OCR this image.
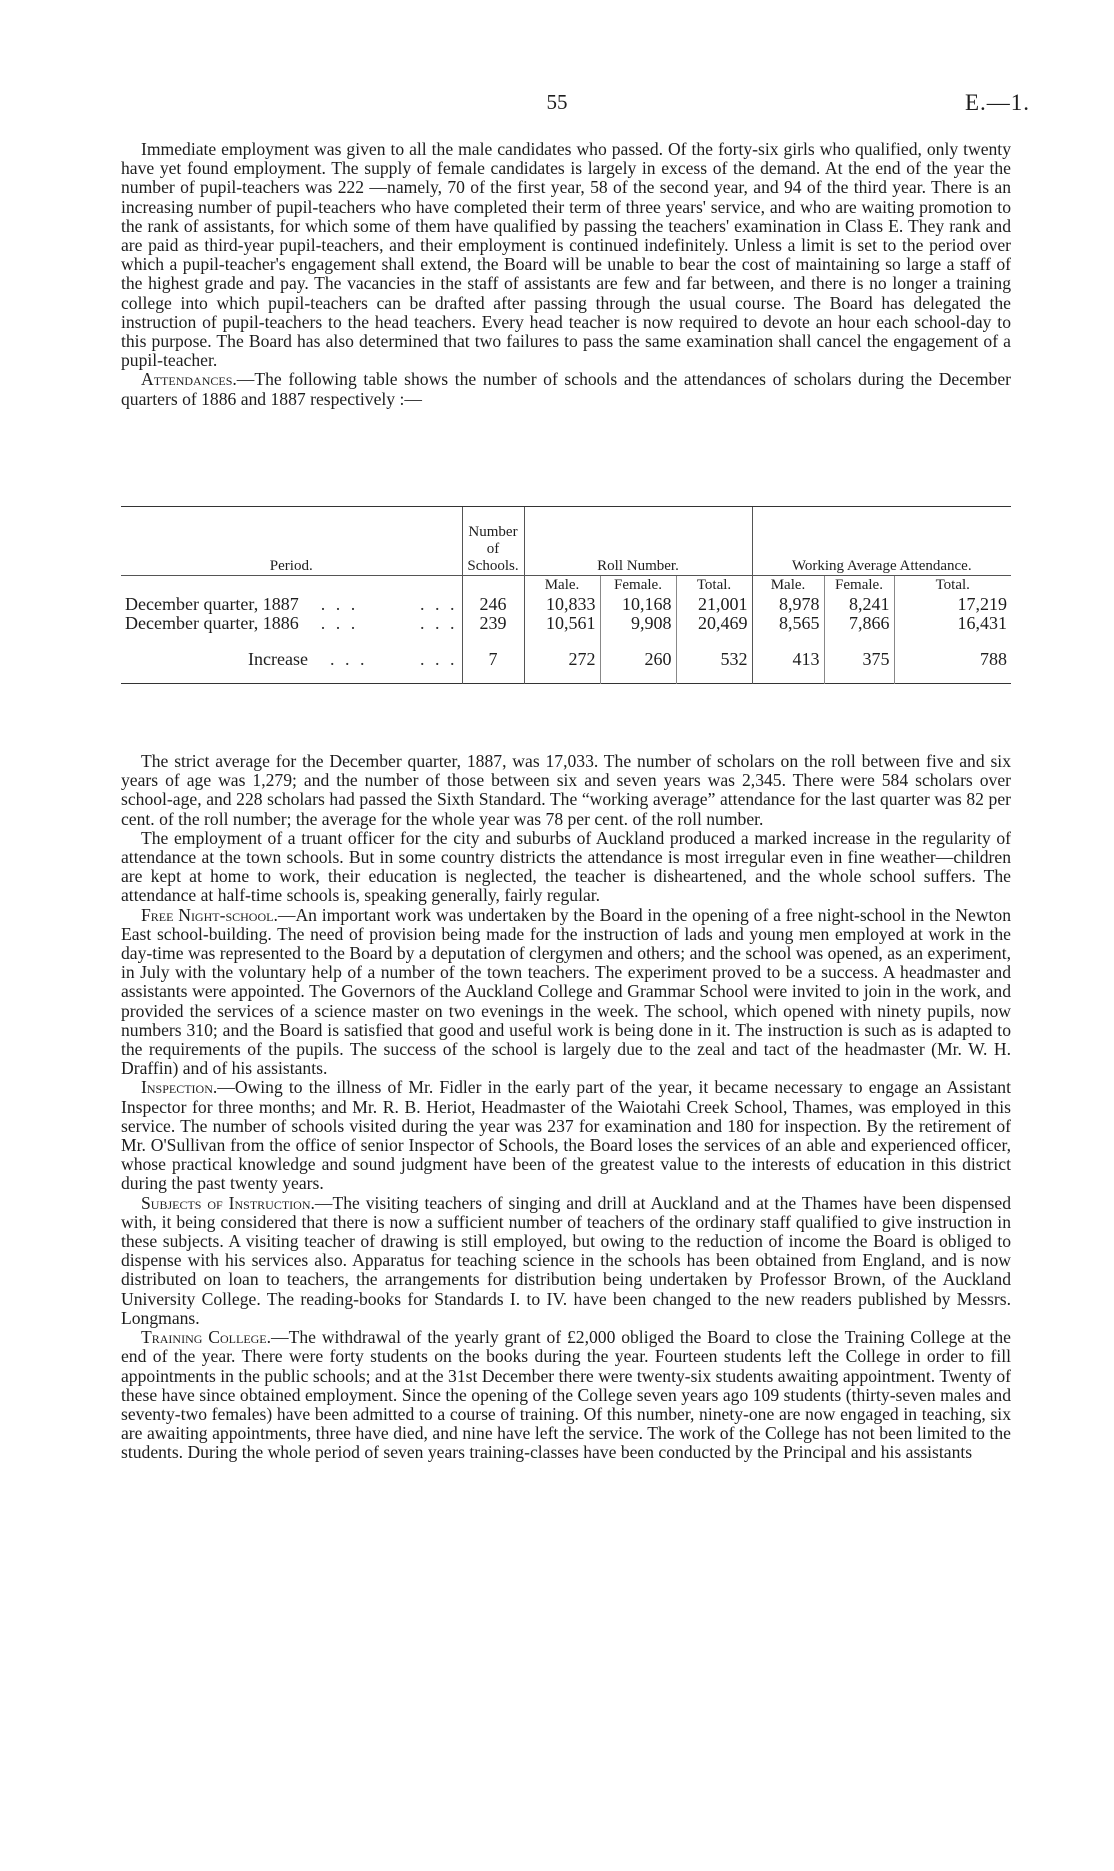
55	E.—1.

Immediate employment was given to all the male candidates who passed. Of the forty-six girls who qualified, only twenty have yet found employment. The supply of female candidates is largely in excess of the demand. At the end of the year the number of pupil-teachers was 222 —namely, 70 of the first year, 58 of the second year, and 94 of the third year. There is an increasing number of pupil-teachers who have completed their term of three years' service, and who are waiting promotion to the rank of assistants, for which some of them have qualified by passing the teachers' examination in Class E. They rank and are paid as third-year pupil-teachers, and their employment is continued indefinitely. Unless a limit is set to the period over which a pupil-teacher's engagement shall extend, the Board will be unable to bear the cost of maintaining so large a staff of the highest grade and pay. The vacancies in the staff of assistants are few and far between, and there is no longer a training college into which pupil-teachers can be drafted after passing through the usual course. The Board has delegated the instruction of pupil-teachers to the head teachers. Every head teacher is now required to devote an hour each school-day to this purpose. The Board has also determined that two failures to pass the same examination shall cancel the engagement of a pupil-teacher.

Attendances.—The following table shows the number of schools and the attendances of scholars during the December quarters of 1886 and 1887 respectively :—

Period.	Number
of
Schools.	Roll Number.			Working Average Attendance.		

		Male.	Female.	Total.	Male.	Female.	Total.
December quarter, 1887 . . . . . .	246	10,833	10,168	21,001	8,978	8,241	17,219
December quarter, 1886 . . . . . .	239	10,561	9,908	20,469	8,565	7,866	16,431
Increase . . . . . .	7	272	260	532	413	375	788

The strict average for the December quarter, 1887, was 17,033. The number of scholars on the roll between five and six years of age was 1,279; and the number of those between six and seven years was 2,345. There were 584 scholars over school-age, and 228 scholars had passed the Sixth Standard. The “working average” attendance for the last quarter was 82 per cent. of the roll number; the average for the whole year was 78 per cent. of the roll number.

The employment of a truant officer for the city and suburbs of Auckland produced a marked increase in the regularity of attendance at the town schools. But in some country districts the attendance is most irregular even in fine weather—children are kept at home to work, their education is neglected, the teacher is disheartened, and the whole school suffers. The attendance at half-time schools is, speaking generally, fairly regular.

Free Night-school.—An important work was undertaken by the Board in the opening of a free night-school in the Newton East school-building. The need of provision being made for the instruction of lads and young men employed at work in the day-time was represented to the Board by a deputation of clergymen and others; and the school was opened, as an experiment, in July with the voluntary help of a number of the town teachers. The experiment proved to be a success. A headmaster and assistants were appointed. The Governors of the Auckland College and Grammar School were invited to join in the work, and provided the services of a science master on two evenings in the week. The school, which opened with ninety pupils, now numbers 310; and the Board is satisfied that good and useful work is being done in it. The instruction is such as is adapted to the requirements of the pupils. The success of the school is largely due to the zeal and tact of the headmaster (Mr. W. H. Draffin) and of his assistants.

Inspection.—Owing to the illness of Mr. Fidler in the early part of the year, it became necessary to engage an Assistant Inspector for three months; and Mr. R. B. Heriot, Headmaster of the Waiotahi Creek School, Thames, was employed in this service. The number of schools visited during the year was 237 for examination and 180 for inspection. By the retirement of Mr. O'Sullivan from the office of senior Inspector of Schools, the Board loses the services of an able and experienced officer, whose practical knowledge and sound judgment have been of the greatest value to the interests of education in this district during the past twenty years.

Subjects of Instruction.—The visiting teachers of singing and drill at Auckland and at the Thames have been dispensed with, it being considered that there is now a sufficient number of teachers of the ordinary staff qualified to give instruction in these subjects. A visiting teacher of drawing is still employed, but owing to the reduction of income the Board is obliged to dispense with his services also. Apparatus for teaching science in the schools has been obtained from England, and is now distributed on loan to teachers, the arrangements for distribution being undertaken by Professor Brown, of the Auckland University College. The reading-books for Standards I. to IV. have been changed to the new readers published by Messrs. Longmans.

Training College.—The withdrawal of the yearly grant of £2,000 obliged the Board to close the Training College at the end of the year. There were forty students on the books during the year. Fourteen students left the College in order to fill appointments in the public schools; and at the 31st December there were twenty-six students awaiting appointment. Twenty of these have since obtained employment. Since the opening of the College seven years ago 109 students (thirty-seven males and seventy-two females) have been admitted to a course of training. Of this number, ninety-one are now engaged in teaching, six are awaiting appointments, three have died, and nine have left the service. The work of the College has not been limited to the students. During the whole period of seven years training-classes have been conducted by the Principal and his assistants
